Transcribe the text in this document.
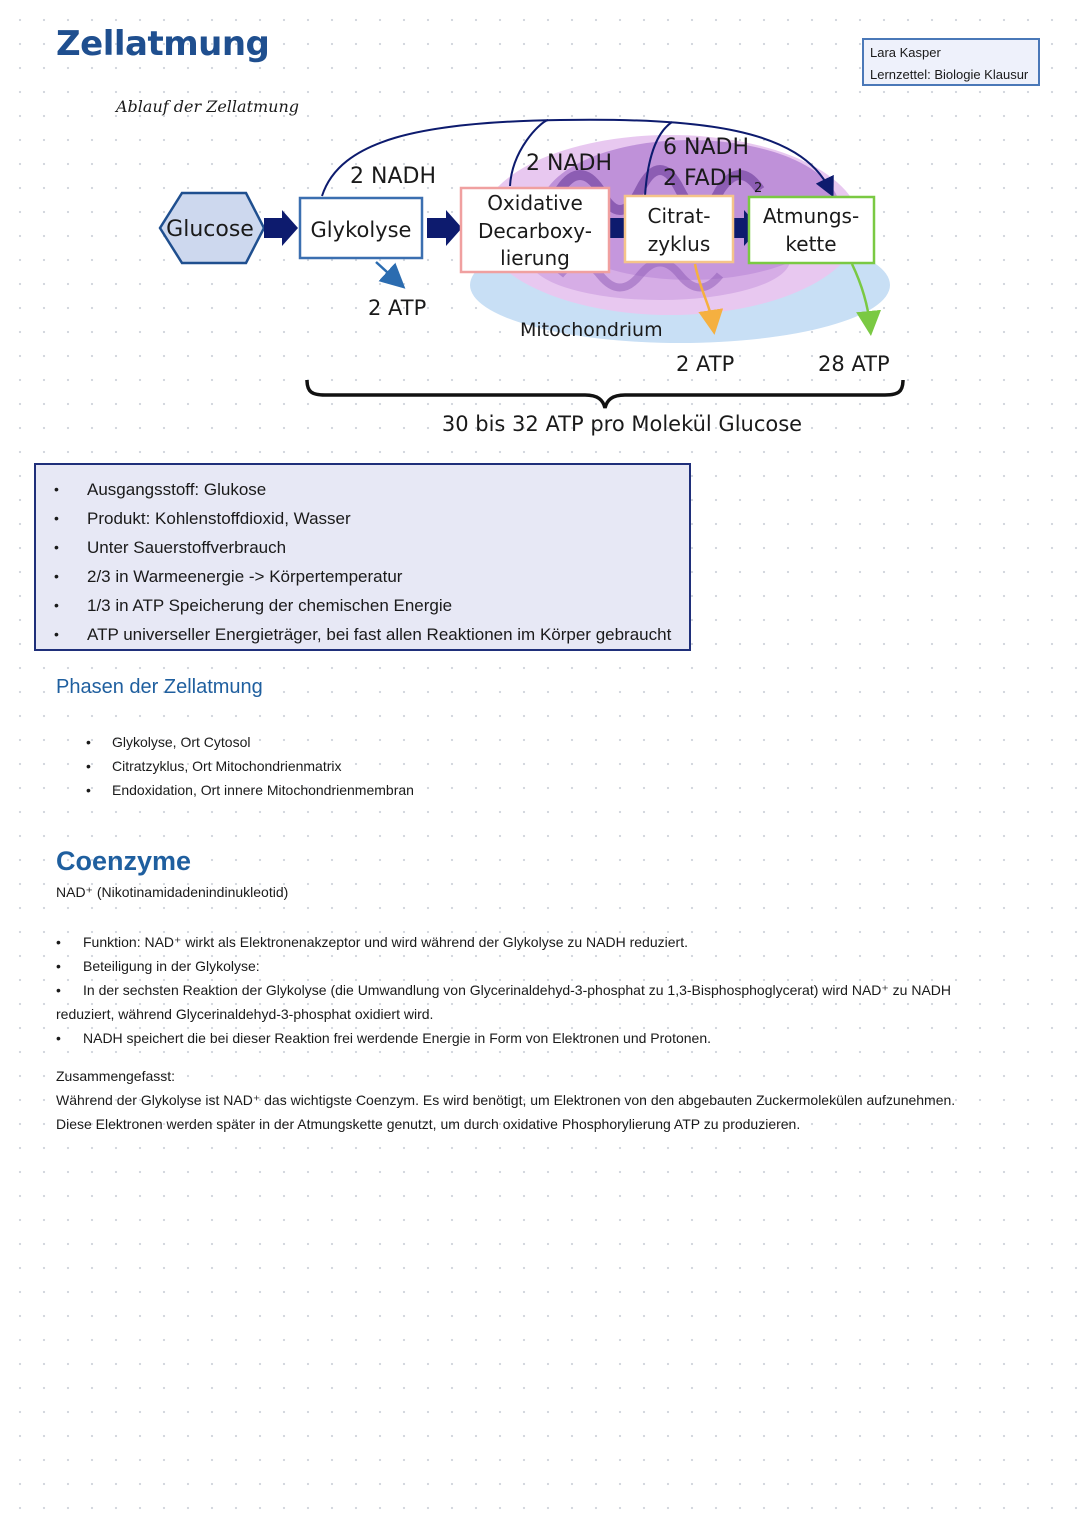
Zellatmung	Lara Kasper
Lernzettel: Biologie Klausur
Ablauf der Zellatmung
Glucose	Glykolyse
Oxidative
Decarboxy-
lierung
Citrat-
zyklus
Atmungs-
kette
2 NADH
2 NADH
6 NADH
2 FADH 2
2 ATP
Mitochondrium
2 ATP	28 ATP
30 bis 32 ATP pro Molekül Glucose
• Ausgangsstoff: Glukose
• Produkt: Kohlenstoffdioxid, Wasser
• Unter Sauerstoffverbrauch
• 2/3 in Warmeenergie -> Körpertemperatur
• 1/3 in ATP Speicherung der chemischen Energie
• ATP universeller Energieträger, bei fast allen Reaktionen im Körper gebraucht
Phasen der Zellatmung
• Glykolyse, Ort Cytosol
• Citratzyklus, Ort Mitochondrienmatrix
• Endoxidation, Ort innere Mitochondrienmembran
Coenzyme
NAD⁺ (Nikotinamidadenindinukleotid)
• Funktion: NAD⁺ wirkt als Elektronenakzeptor und wird während der Glykolyse zu NADH reduziert.
• Beteiligung in der Glykolyse:
• In der sechsten Reaktion der Glykolyse (die Umwandlung von Glycerinaldehyd-3-phosphat zu 1,3-Bisphosphoglycerat) wird NAD⁺ zu NADH reduziert, während Glycerinaldehyd-3-phosphat oxidiert wird.
• NADH speichert die bei dieser Reaktion frei werdende Energie in Form von Elektronen und Protonen.
Zusammengefasst:
Während der Glykolyse ist NAD⁺ das wichtigste Coenzym. Es wird benötigt, um Elektronen von den abgebauten Zuckermolekülen aufzunehmen. Diese Elektronen werden später in der Atmungskette genutzt, um durch oxidative Phosphorylierung ATP zu produzieren.
